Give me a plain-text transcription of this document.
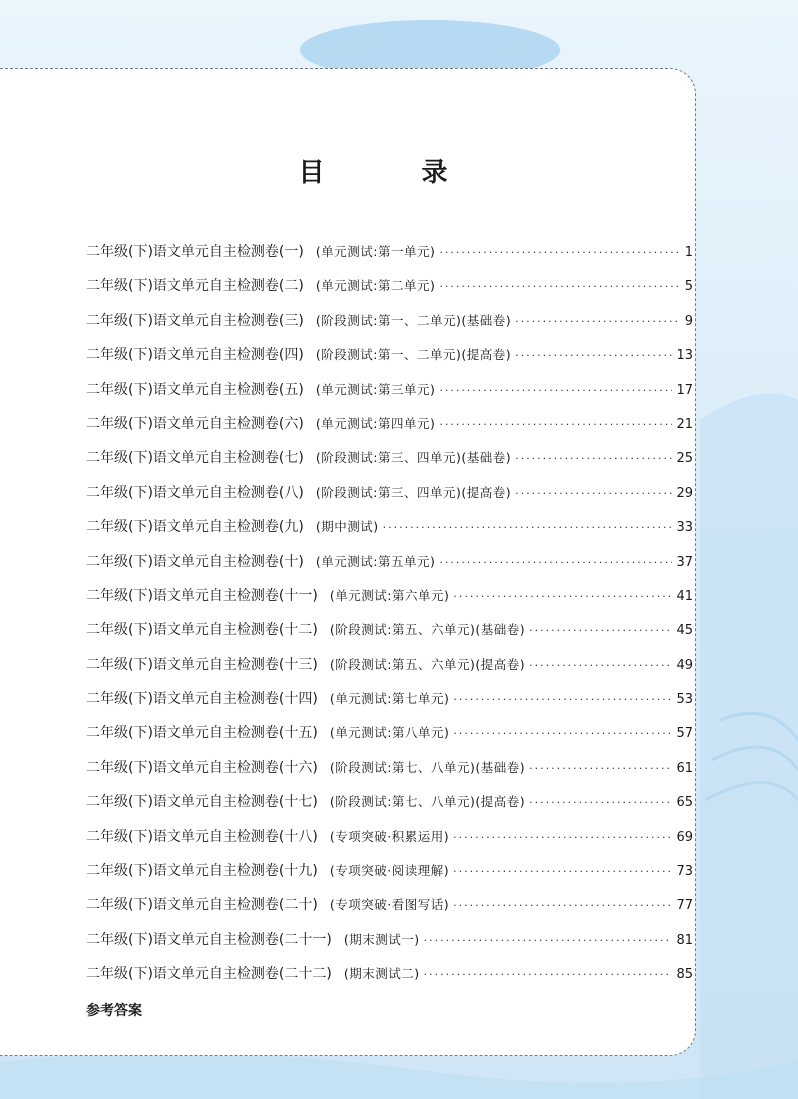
目 录
二年级(下)语文单元自主检测卷(一) (单元测试:第一单元) ·····	1
二年级(下)语文单元自主检测卷(二) (单元测试:第二单元) ·····	5
二年级(下)语文单元自主检测卷(三) (阶段测试:第一、二单元)(基础卷) ·····	9
二年级(下)语文单元自主检测卷(四) (阶段测试:第一、二单元)(提高卷) ·····	13
二年级(下)语文单元自主检测卷(五) (单元测试:第三单元) ·····	17
二年级(下)语文单元自主检测卷(六) (单元测试:第四单元) ·····	21
二年级(下)语文单元自主检测卷(七) (阶段测试:第三、四单元)(基础卷) ·····	25
二年级(下)语文单元自主检测卷(八) (阶段测试:第三、四单元)(提高卷) ·····	29
二年级(下)语文单元自主检测卷(九) (期中测试) ·····	33
二年级(下)语文单元自主检测卷(十) (单元测试:第五单元) ·····	37
二年级(下)语文单元自主检测卷(十一) (单元测试:第六单元) ·····	41
二年级(下)语文单元自主检测卷(十二) (阶段测试:第五、六单元)(基础卷) ·····	45
二年级(下)语文单元自主检测卷(十三) (阶段测试:第五、六单元)(提高卷) ·····	49
二年级(下)语文单元自主检测卷(十四) (单元测试:第七单元) ·····	53
二年级(下)语文单元自主检测卷(十五) (单元测试:第八单元) ·····	57
二年级(下)语文单元自主检测卷(十六) (阶段测试:第七、八单元)(基础卷) ·····	61
二年级(下)语文单元自主检测卷(十七) (阶段测试:第七、八单元)(提高卷) ·····	65
二年级(下)语文单元自主检测卷(十八) (专项突破·积累运用) ·····	69
二年级(下)语文单元自主检测卷(十九) (专项突破·阅读理解) ·····	73
二年级(下)语文单元自主检测卷(二十) (专项突破·看图写话) ·····	77
二年级(下)语文单元自主检测卷(二十一) (期末测试一) ·····	81
二年级(下)语文单元自主检测卷(二十二) (期末测试二) ·····	85
参考答案
